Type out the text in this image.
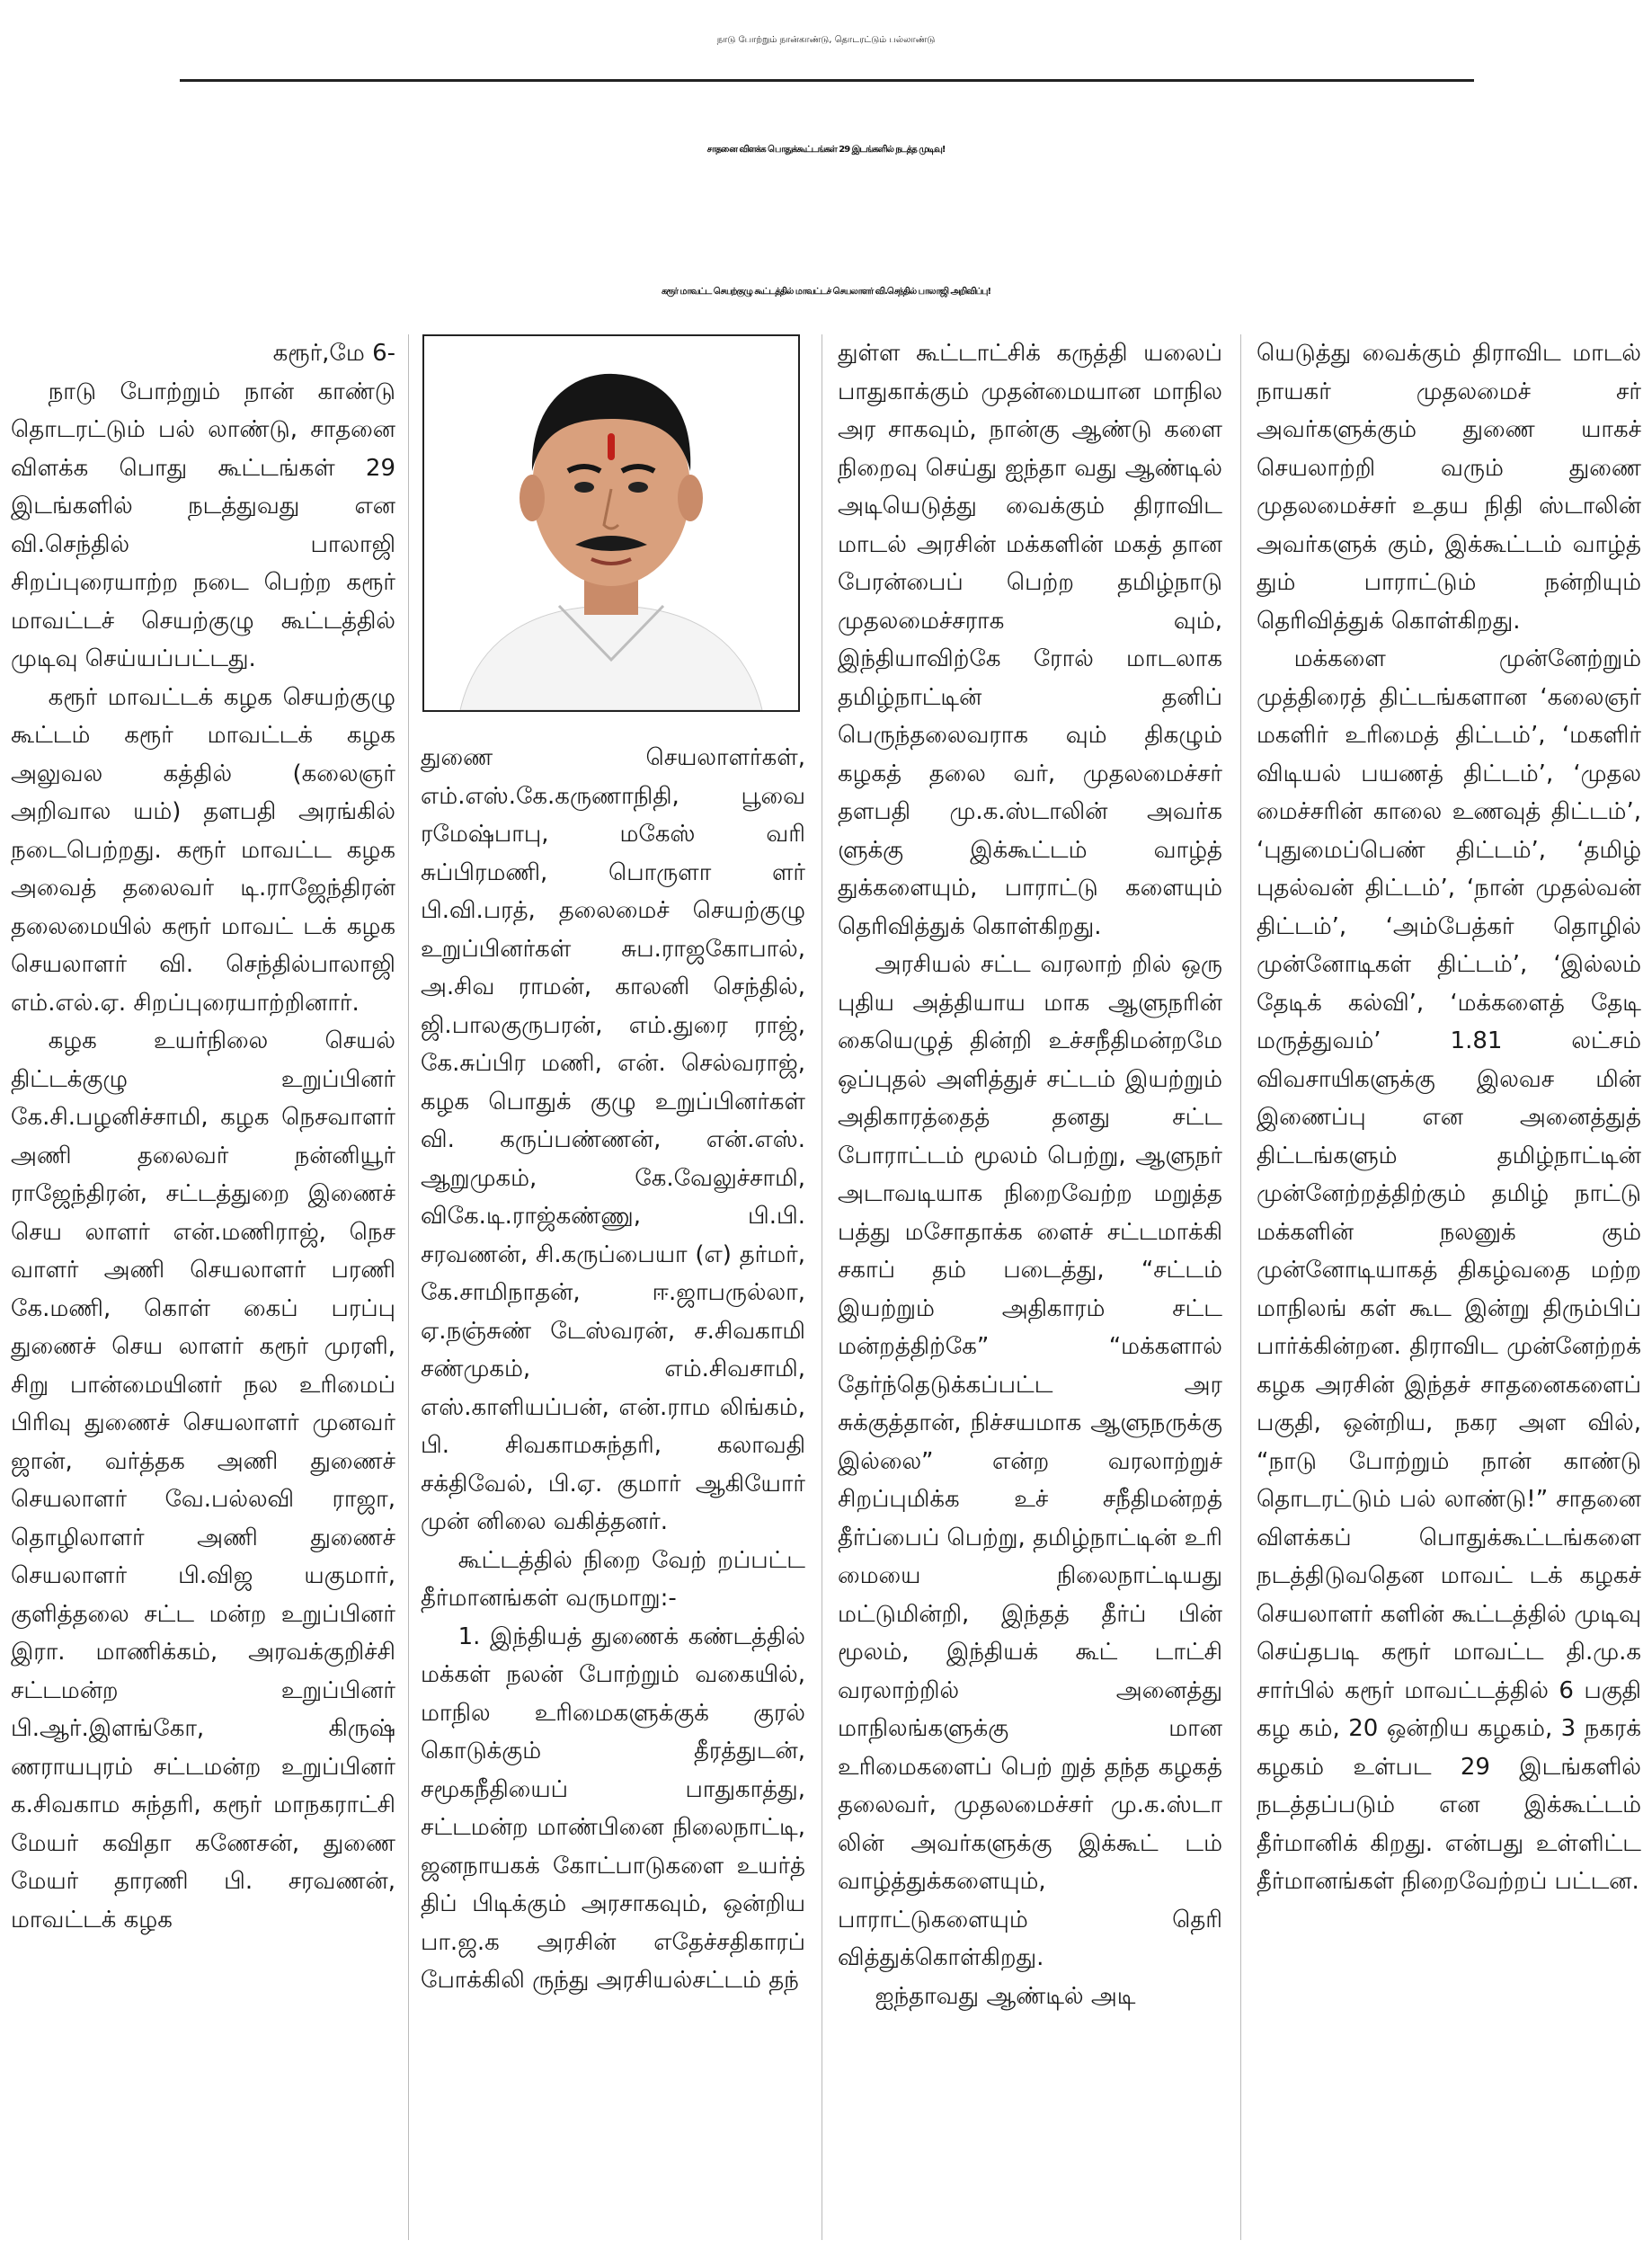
நாடு போற்றும் நான்காண்டு, தொடரட்டும் பல்லாண்டு
சாதனை விளக்க பொதுக்கூட்டங்கள் 29 இடங்களில் நடத்த முடிவு!
கரூர் மாவட்ட செயற்குழு கூட்டத்தில் மாவட்டச் செயலாளர் வி.செந்தில் பாலாஜி அறிவிப்பு!

கரூர்,மே 6-

நாடு போற்றும் நான் காண்டு தொடரட்டும் பல் லாண்டு, சாதனை விளக்க பொது கூட்டங்கள் 29 இடங்களில் நடத்துவது என வி.செந்தில் பாலாஜி சிறப்புரையாற்ற நடை பெற்ற கரூர் மாவட்டச் செயற்குழு கூட்டத்தில் முடிவு செய்யப்பட்டது.

கரூர் மாவட்டக் கழக செயற்குழு கூட்டம் கரூர் மாவட்டக் கழக அலுவல கத்தில் (கலைஞர் அறிவால யம்) தளபதி அரங்கில் நடைபெற்றது. கரூர் மாவட்ட கழக அவைத் தலைவர் டி.ராஜேந்திரன் தலைமையில் கரூர் மாவட் டக் கழக செயலாளர் வி. செந்தில்பாலாஜி எம்.எல்.ஏ. சிறப்புரையாற்றினார்.

கழக உயர்நிலை செயல் திட்டக்குழு உறுப்பினர் கே.சி.பழனிச்சாமி, கழக நெசவாளர் அணி தலைவர் நன்னியூர் ராஜேந்திரன், சட்டத்துறை இணைச் செய லாளர் என்.மணிராஜ், நெச வாளர் அணி செயலாளர் பரணி கே.மணி, கொள் கைப் பரப்பு துணைச் செய லாளர் கரூர் முரளி, சிறு பான்மையினர் நல உரிமைப் பிரிவு துணைச் செயலாளர் முனவர் ஜான், வர்த்தக அணி துணைச் செயலாளர் வே.பல்லவி ராஜா, தொழிலாளர் அணி துணைச் செயலாளர் பி.விஜ யகுமார், குளித்தலை சட்ட மன்ற உறுப்பினர் இரா. மாணிக்கம், அரவக்குறிச்சி சட்டமன்ற உறுப்பினர் பி.ஆர்.இளங்கோ, கிருஷ் ணராயபுரம் சட்டமன்ற உறுப்பினர் க.சிவகாம சுந்தரி, கரூர் மாநகராட்சி மேயர் கவிதா கணேசன், துணை மேயர் தாரணி பி. சரவணன், மாவட்டக் கழக

துணை செயலாளர்கள், எம்.எஸ்.கே.கருணாநிதி, பூவை ரமேஷ்பாபு, மகேஸ் வரி சுப்பிரமணி, பொருளா ளர் பி.வி.பரத், தலைமைச் செயற்குழு உறுப்பினர்கள் சுப.ராஜகோபால், அ.சிவ ராமன், காலனி செந்தில், ஜி.பாலகுருபரன், எம்.துரை ராஜ், கே.சுப்பிர மணி, என். செல்வராஜ், கழக பொதுக் குழு உறுப்பினர்கள் வி. கருப்பண்ணன், என்.எஸ். ஆறுமுகம், கே.வேலுச்சாமி, விகே.டி.ராஜ்கண்ணு, பி.பி. சரவணன், சி.கருப்பையா (எ) தர்மர், கே.சாமிநாதன், ஈ.ஜாபருல்லா, ஏ.நஞ்சுண் டேஸ்வரன், ச.சிவகாமி சண்முகம், எம்.சிவசாமி, எஸ்.காளியப்பன், என்.ராம லிங்கம், பி. சிவகாமசுந்தரி, கலாவதி சக்திவேல், பி.ஏ. குமார் ஆகியோர் முன் னிலை வகித்தனர்.

கூட்டத்தில் நிறை வேற் றப்பட்ட தீர்மானங்கள் வருமாறு:-

1. இந்தியத் துணைக் கண்டத்தில் மக்கள் நலன் போற்றும் வகையில், மாநில உரிமைகளுக்குக் குரல் கொடுக்கும் தீரத்துடன், சமூகநீதியைப் பாதுகாத்து, சட்டமன்ற மாண்பினை நிலைநாட்டி, ஜனநாயகக் கோட்பாடுகளை உயர்த் திப் பிடிக்கும் அரசாகவும், ஒன்றிய பா.ஜ.க அரசின் எதேச்சதிகாரப் போக்கிலி ருந்து அரசியல்சட்டம் தந்

துள்ள கூட்டாட்சிக் கருத்தி யலைப் பாதுகாக்கும் முதன்மையான மாநில அர சாகவும், நான்கு ஆண்டு களை நிறைவு செய்து ஐந்தா வது ஆண்டில் அடியெடுத்து வைக்கும் திராவிட மாடல் அரசின் மக்களின் மகத் தான பேரன்பைப் பெற்ற தமிழ்நாடு முதலமைச்சராக வும், இந்தியாவிற்கே ரோல் மாடலாக தமிழ்நாட்டின் தனிப் பெருந்தலைவராக வும் திகழும் கழகத் தலை வர், முதலமைச்சர் தளபதி மு.க.ஸ்டாலின் அவர்க ளுக்கு இக்கூட்டம் வாழ்த் துக்களையும், பாராட்டு களையும் தெரிவித்துக் கொள்கிறது.

அரசியல் சட்ட வரலாற் றில் ஒரு புதிய அத்தியாய மாக ஆளுநரின் கையெழுத் தின்றி உச்சநீதிமன்றமே ஒப்புதல் அளித்துச் சட்டம் இயற்றும் அதிகாரத்தைத் தனது சட்ட போராட்டம் மூலம் பெற்று, ஆளுநர் அடாவடியாக நிறைவேற்ற மறுத்த பத்து மசோதாக்க ளைச் சட்டமாக்கி சகாப் தம் படைத்து, “சட்டம் இயற்றும் அதிகாரம் சட்ட மன்றத்திற்கே” “மக்களால் தேர்ந்தெடுக்கப்பட்ட அர சுக்குத்தான், நிச்சயமாக ஆளுநருக்கு இல்லை” என்ற வரலாற்றுச் சிறப்புமிக்க உச் சநீதிமன்றத் தீர்ப்பைப் பெற்று, தமிழ்நாட்டின் உரி மையை நிலைநாட்டியது மட்டுமின்றி, இந்தத் தீர்ப் பின் மூலம், இந்தியக் கூட் டாட்சி வரலாற்றில் அனைத்து மாநிலங்களுக்கு மான உரிமைகளைப் பெற் றுத் தந்த கழகத் தலைவர், முதலமைச்சர் மு.க.ஸ்டா லின் அவர்களுக்கு இக்கூட் டம் வாழ்த்துக்களையும், பாராட்டுகளையும் தெரி வித்துக்கொள்கிறது.

ஐந்தாவது ஆண்டில் அடி

யெடுத்து வைக்கும் திராவிட மாடல் நாயகர் முதலமைச் சர் அவர்களுக்கும் துணை யாகச் செயலாற்றி வரும் துணை முதலமைச்சர் உதய நிதி ஸ்டாலின் அவர்களுக் கும், இக்கூட்டம் வாழ்த் தும் பாராட்டும் நன்றியும் தெரிவித்துக் கொள்கிறது.

மக்களை முன்னேற்றும் முத்திரைத் திட்டங்களான ‘கலைஞர் மகளிர் உரிமைத் திட்டம்’, ‘மகளிர் விடியல் பயணத் திட்டம்’, ‘முதல மைச்சரின் காலை உணவுத் திட்டம்’, ‘புதுமைப்பெண் திட்டம்’, ‘தமிழ் புதல்வன் திட்டம்’, ‘நான் முதல்வன் திட்டம்’, ‘அம்பேத்கர் தொழில் முன்னோடிகள் திட்டம்’, ‘இல்லம் தேடிக் கல்வி’, ‘மக்களைத் தேடி மருத்துவம்’ 1.81 லட்சம் விவசாயிகளுக்கு இலவச மின் இணைப்பு என அனைத்துத் திட்டங்களும் தமிழ்நாட்டின் முன்னேற்றத்திற்கும் தமிழ் நாட்டு மக்களின் நலனுக் கும் முன்னோடியாகத் திகழ்வதை மற்ற மாநிலங் கள் கூட இன்று திரும்பிப் பார்க்கின்றன. திராவிட முன்னேற்றக் கழக அரசின் இந்தச் சாதனைகளைப் பகுதி, ஒன்றிய, நகர அள வில், “நாடு போற்றும் நான் காண்டு தொடரட்டும் பல் லாண்டு!” சாதனை விளக்கப் பொதுக்கூட்டங்களை நடத்திடுவதென மாவட் டக் கழகச் செயலாளர் களின் கூட்டத்தில் முடிவு செய்தபடி கரூர் மாவட்ட தி.மு.க சார்பில் கரூர் மாவட்டத்தில் 6 பகுதி கழ கம், 20 ஒன்றிய கழகம், 3 நகரக் கழகம் உள்பட 29 இடங்களில் நடத்தப்படும் என இக்கூட்டம் தீர்மானிக் கிறது. என்பது உள்ளிட்ட தீர்மானங்கள் நிறைவேற்றப் பட்டன.
